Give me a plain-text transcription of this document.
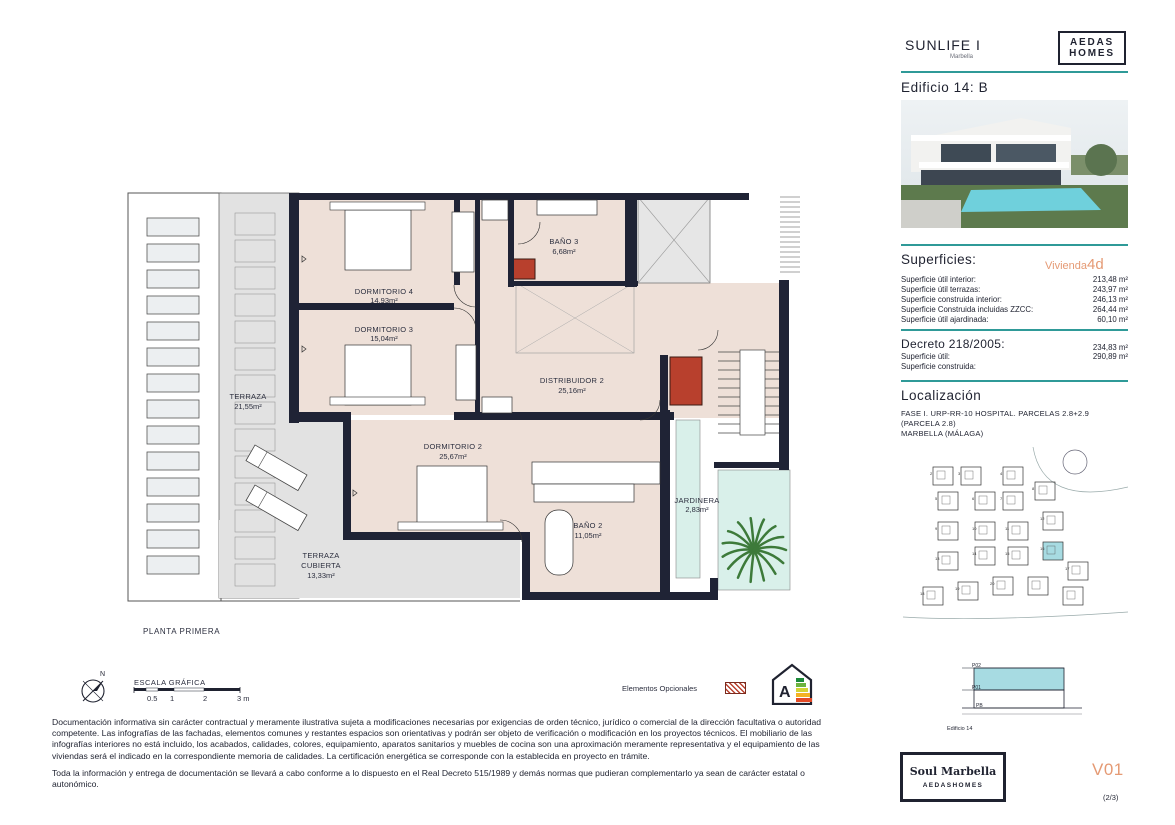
DORMITORIO 4
14,93m²
DORMITORIO 3
15,04m²
BAÑO 3
6,68m²
DISTRIBUIDOR 2
25,16m²
DORMITORIO 2
25,67m²
BAÑO 2
11,05m²
JARDINERA
2,83m²
TERRAZA
21,55m²
TERRAZA
CUBIERTA
13,33m²
PLANTA PRIMERA
N
ESCALA GRÁFICA
0.5 1	2	3 m
Elementos Opcionales	A

Documentación informativa sin carácter contractual y meramente ilustrativa sujeta a modificaciones necesarias por exigencias de orden técnico, jurídico o comercial de la dirección facultativa o autoridad competente. Las infografías de las fachadas, elementos comunes y restantes espacios son orientativas y podrán ser objeto de verificación o modificación en los proyectos técnicos. El mobiliario de las infografías interiores no está incluido, los acabados, calidades, colores, equipamiento, aparatos sanitarios y muebles de cocina son una aproximación meramente representativa y el equipamiento de las viviendas será el indicado en la correspondiente memoria de calidades. La certificación energética se corresponde con la establecida en proyecto en trámite.

Toda la información y entrega de documentación se llevará a cabo conforme a lo dispuesto en el Real Decreto 515/1989 y demás normas que pudieran complementarlo ya sean de carácter estatal o autonómico.

SUNLIFE I
Marbella
AEDAS
HOMES
Edificio 14: B
Superficies:	Vivienda4d
Superficie útil interior:	213,48 m²
Superficie útil terrazas:	243,97 m²
Superficie construida interior:	246,13 m²
Superficie Construida incluidas ZZCC:	264,44 m²
Superficie útil ajardinada:	60,10 m²
Decreto 218/2005:	234,83 m²
Superficie útil:	290,89 m²
Superficie construida:
Localización
FASE I. URP-RR-10 HOSPITAL. PARCELAS 2.8+2.9
(PARCELA 2.8)
MARBELLA (MÁLAGA)
2	3	4
5	6	7
8
9	10	11
12
13
14	15
16
17
18
19
20
P02
P01
PB
Edificio 14
Soul Marbella
AEDASHOMES
V01
(2/3)
